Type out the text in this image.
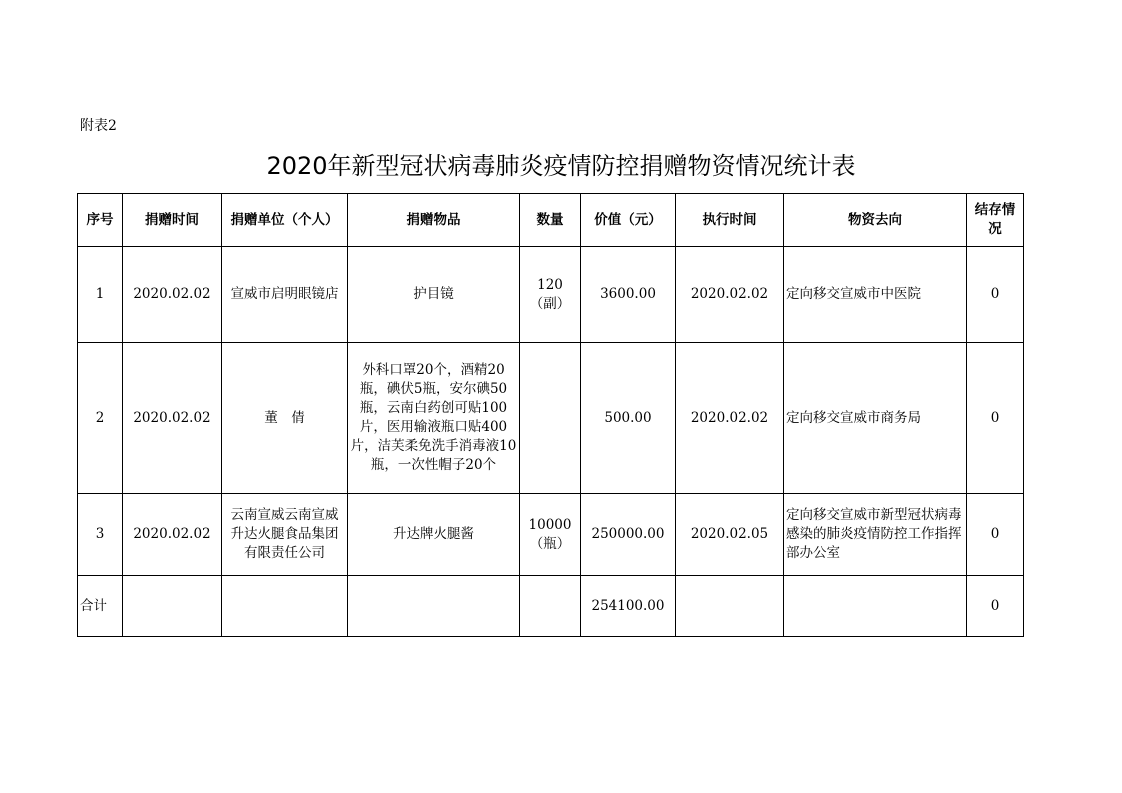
附表2
2020年新型冠状病毒肺炎疫情防控捐赠物资情况统计表
序号	捐赠时间	捐赠单位（个人）	捐赠物品	数量	价值（元）	执行时间	物资去向	结存情况
1	2020.02.02	宣威市启明眼镜店	护目镜	120（副）	3600.00	2020.02.02	定向移交宣威市中医院	0
2	2020.02.02	董　倩	外科口罩20个，酒精20瓶，碘伏5瓶，安尔碘50瓶，云南白药创可贴100片，医用输液瓶口贴400片，洁芙柔免洗手消毒液10瓶，一次性帽子20个		500.00	2020.02.02	定向移交宣威市商务局	0
3	2020.02.02	云南宣威云南宣威升达火腿食品集团有限责任公司	升达牌火腿酱	10000（瓶）	250000.00	2020.02.05	定向移交宣威市新型冠状病毒感染的肺炎疫情防控工作指挥部办公室	0
合计					254100.00			0
